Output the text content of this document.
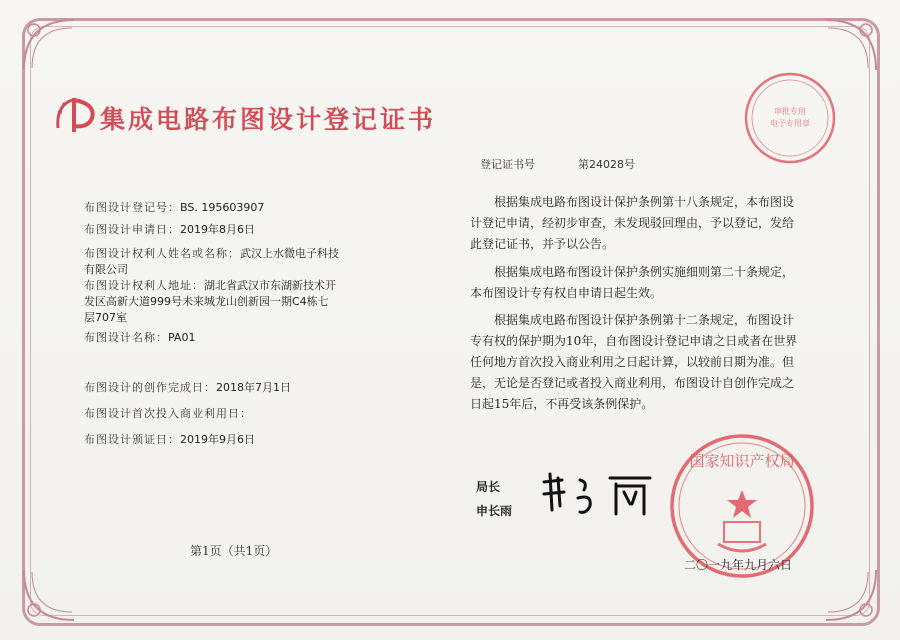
集成电路布图设计登记证书	审批专用
电子专用章
登记证书号	第24028号
布图设计登记号：BS. 195603907
布图设计申请日：2019年8月6日
布图设计权利人姓名或名称：武汉上水微电子科技
有限公司
布图设计权利人地址：湖北省武汉市东湖新技术开
发区高新大道999号未来城龙山创新园一期C4栋七
层707室
布图设计名称：PA01
布图设计的创作完成日：2018年7月1日
布图设计首次投入商业利用日：
布图设计颁证日：2019年9月6日

根据集成电路布图设计保护条例第十八条规定，本布图设计登记申请，经初步审查，未发现驳回理由，予以登记，发给此登记证书，并予以公告。

根据集成电路布图设计保护条例实施细则第二十条规定，本布图设计专有权自申请日起生效。

根据集成电路布图设计保护条例第十二条规定，布图设计专有权的保护期为10年，自布图设计登记申请之日或者在世界任何地方首次投入商业利用之日起计算，以较前日期为准。但是，无论是否登记或者投入商业利用，布图设计自创作完成之日起15年后，不再受该条例保护。

局长
申长雨
国家知识产权局
第1页（共1页）
二〇一九年九月六日
